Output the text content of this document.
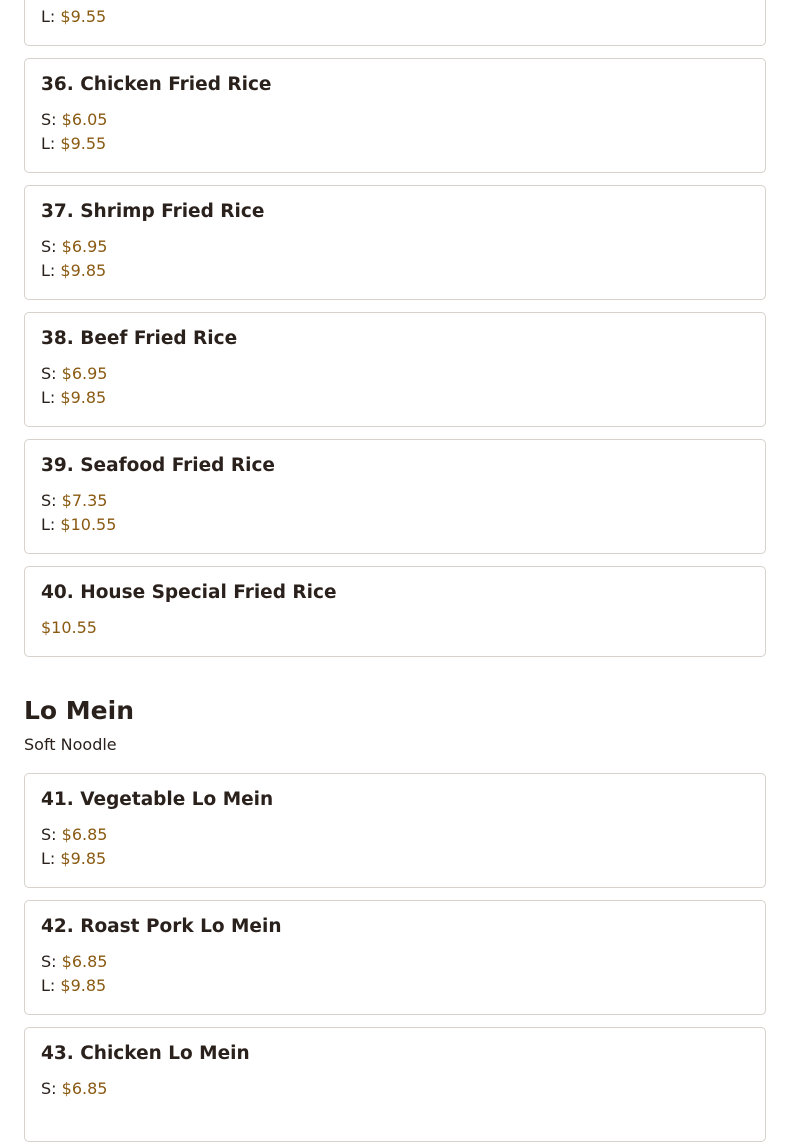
L: $9.55
36. Chicken Fried Rice
S: $6.05
L: $9.55
37. Shrimp Fried Rice
S: $6.95
L: $9.85
38. Beef Fried Rice
S: $6.95
L: $9.85
39. Seafood Fried Rice
S: $7.35
L: $10.55
40. House Special Fried Rice
$10.55
Lo Mein
Soft Noodle
41. Vegetable Lo Mein
S: $6.85
L: $9.85
42. Roast Pork Lo Mein
S: $6.85
L: $9.85
43. Chicken Lo Mein
S: $6.85
